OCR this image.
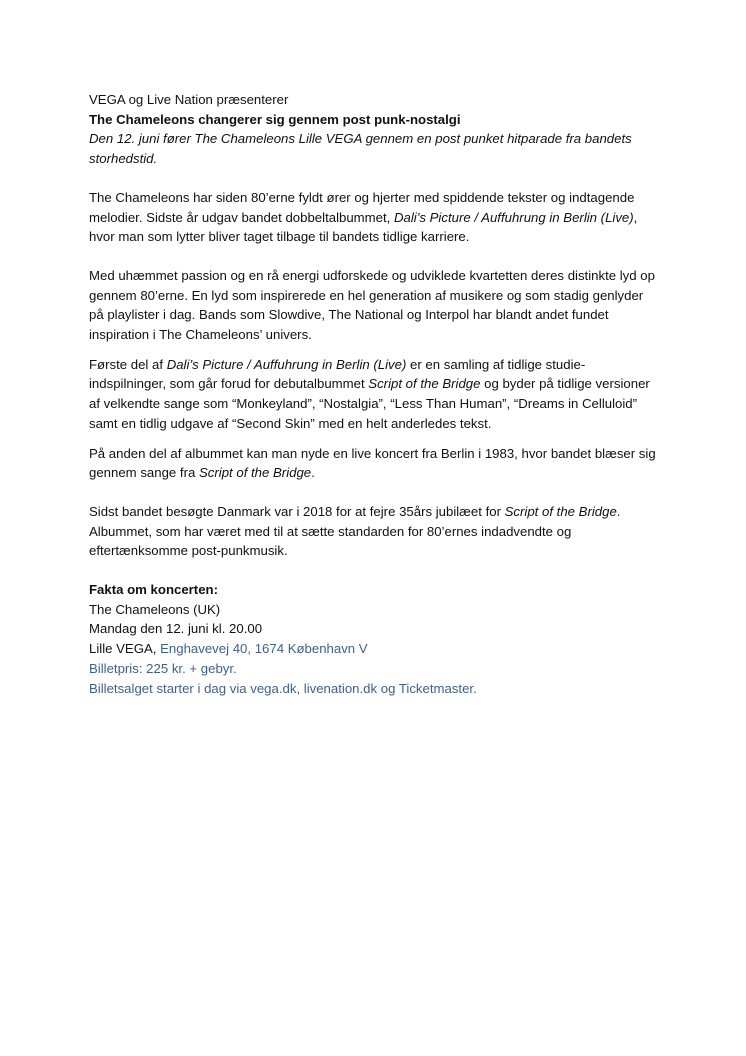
VEGA og Live Nation præsenterer

The Chameleons changerer sig gennem post punk-nostalgi

Den 12. juni fører The Chameleons Lille VEGA gennem en post punket hitparade fra bandets storhedstid.

The Chameleons har siden 80’erne fyldt ører og hjerter med spiddende tekster og indtagende melodier. Sidste år udgav bandet dobbeltalbummet, Dali’s Picture / Auffuhrung in Berlin (Live), hvor man som lytter bliver taget tilbage til bandets tidlige karriere.

Med uhæmmet passion og en rå energi udforskede og udviklede kvartetten deres distinkte lyd op gennem 80’erne. En lyd som inspirerede en hel generation af musikere og som stadig genlyder på playlister i dag. Bands som Slowdive, The National og Interpol har blandt andet fundet inspiration i The Chameleons’ univers.

Første del af Dali’s Picture / Auffuhrung in Berlin (Live) er en samling af tidlige studie-indspilninger, som går forud for debutalbummet Script of the Bridge og byder på tidlige versioner af velkendte sange som “Monkeyland”, “Nostalgia”, “Less Than Human”, “Dreams in Celluloid” samt en tidlig udgave af “Second Skin” med en helt anderledes tekst.

På anden del af albummet kan man nyde en live koncert fra Berlin i 1983, hvor bandet blæser sig gennem sange fra Script of the Bridge.

Sidst bandet besøgte Danmark var i 2018 for at fejre 35års jubilæet for Script of the Bridge. Albummet, som har været med til at sætte standarden for 80’ernes indadvendte og eftertænksomme post-punkmusik.

Fakta om koncerten:

The Chameleons (UK)

Mandag den 12. juni kl. 20.00

Lille VEGA, Enghavevej 40, 1674 København V

Billetpris: 225 kr. + gebyr.

Billetsalget starter i dag via vega.dk, livenation.dk og Ticketmaster.
